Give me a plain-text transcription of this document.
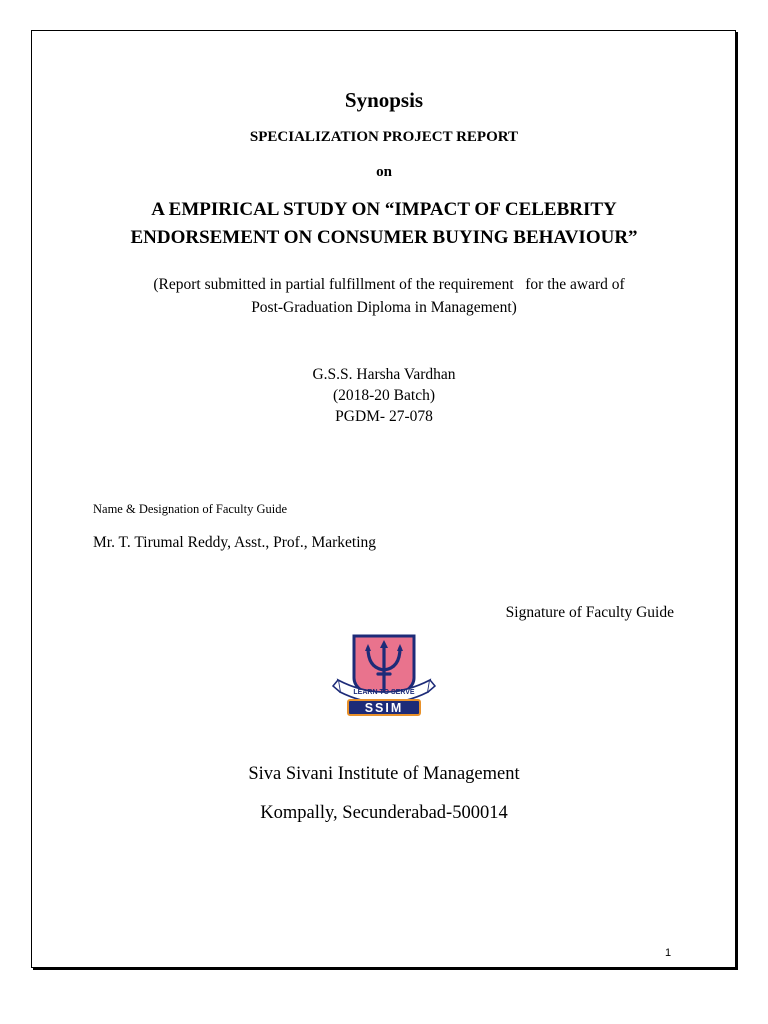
Synopsis
SPECIALIZATION PROJECT REPORT
on
A EMPIRICAL STUDY ON “IMPACT OF CELEBRITY
ENDORSEMENT ON CONSUMER BUYING BEHAVIOUR”
(Report submitted in partial fulfillment of the requirement   for the award of
Post-Graduation Diploma in Management)
G.S.S. Harsha Vardhan
(2018-20 Batch)
PGDM- 27-078
Name & Designation of Faculty Guide
Mr. T. Tirumal Reddy, Asst., Prof., Marketing
Signature of Faculty Guide
LEARN TO SERVE
SSIM
Siva Sivani Institute of Management
Kompally, Secunderabad-500014
1
